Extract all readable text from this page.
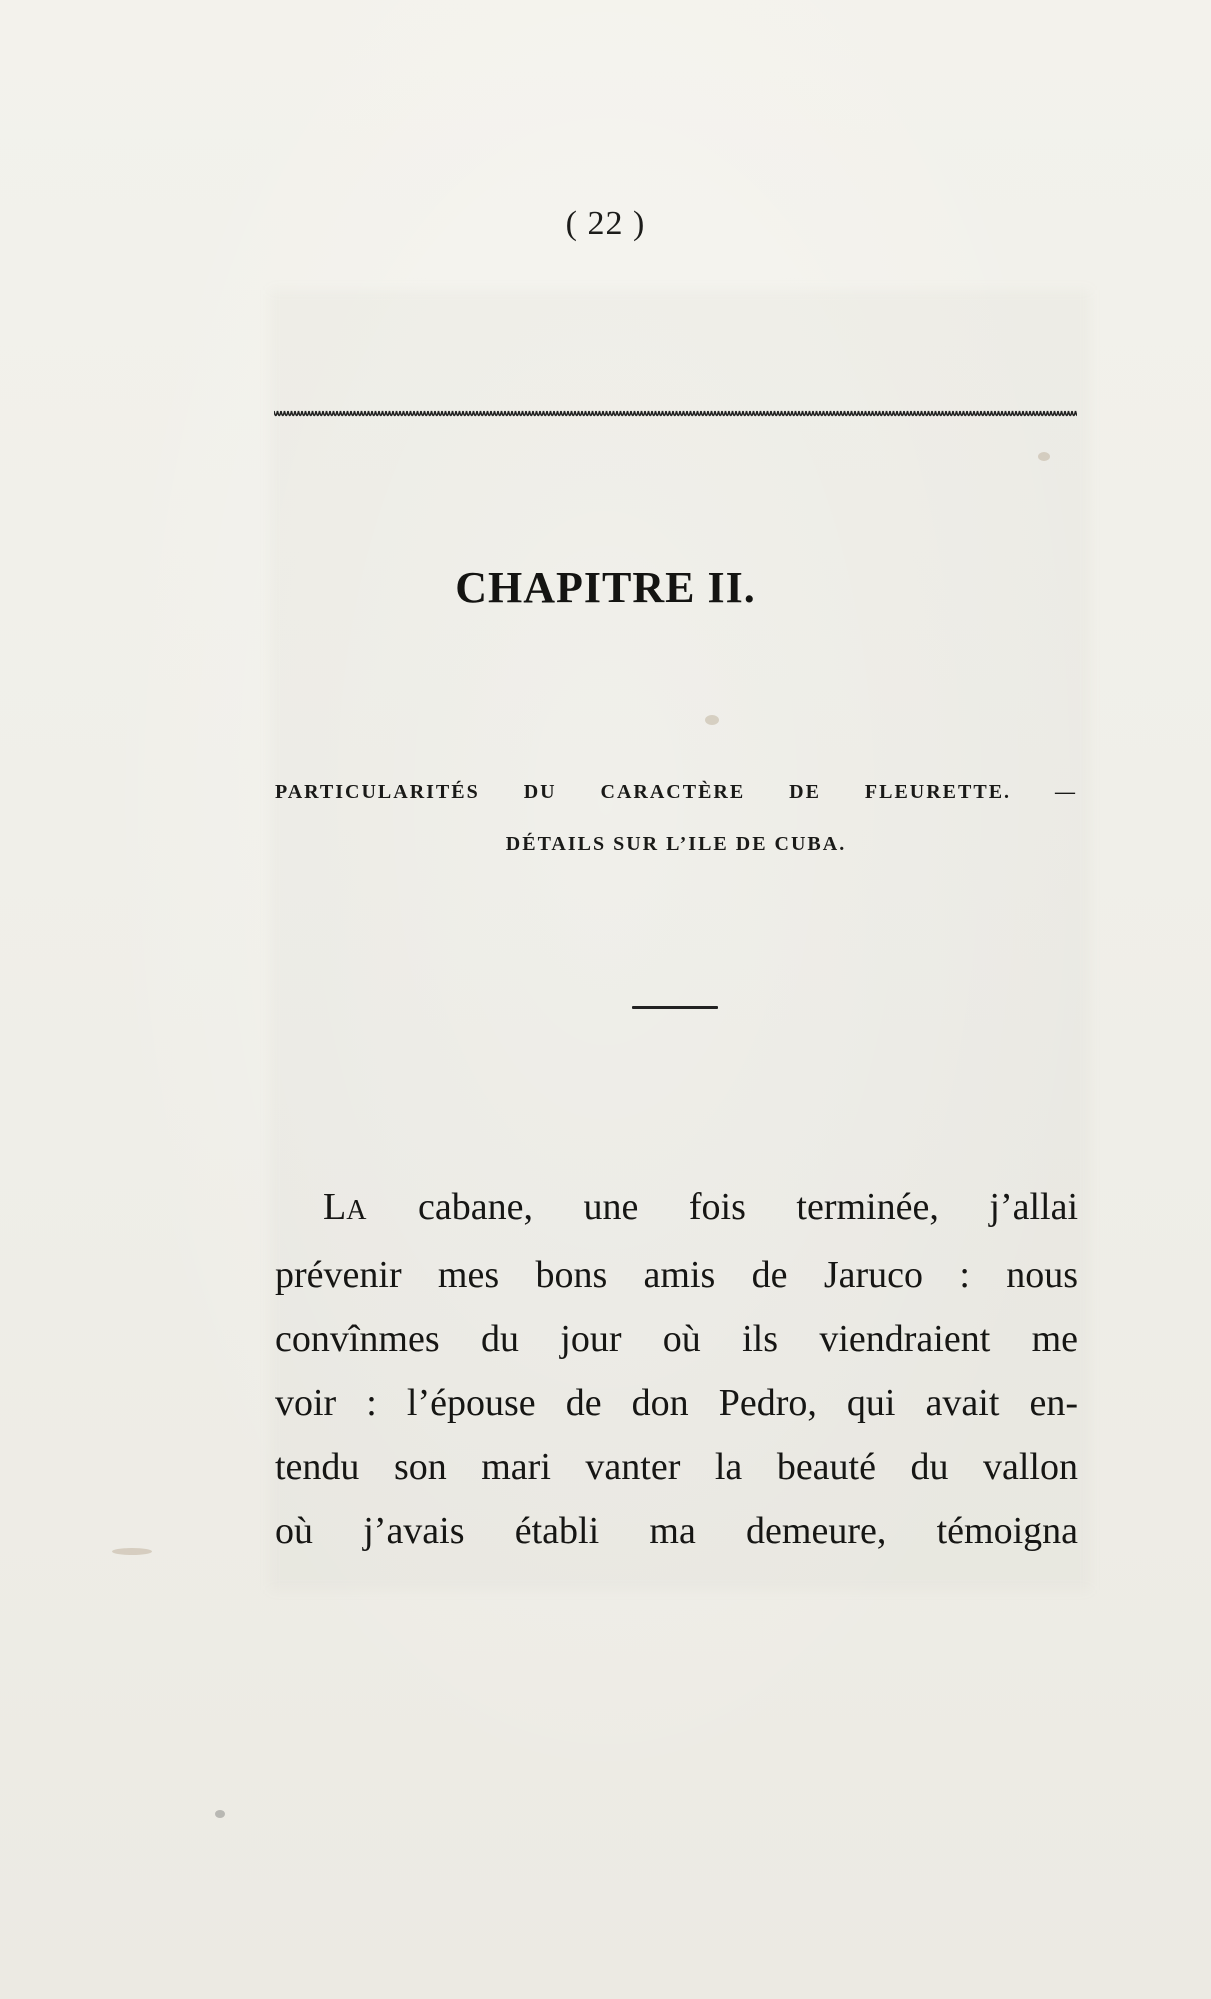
( 22 )
CHAPITRE II.
PARTICULARITÉS DU CARACTÈRE DE FLEURETTE. —
DÉTAILS SUR L’ILE DE CUBA.
LA cabane, une fois terminée, j’allai
prévenir mes bons amis de Jaruco : nous
convînmes du jour où ils viendraient me
voir : l’épouse de don Pedro, qui avait en-
tendu son mari vanter la beauté du vallon
où j’avais établi ma demeure, témoigna
